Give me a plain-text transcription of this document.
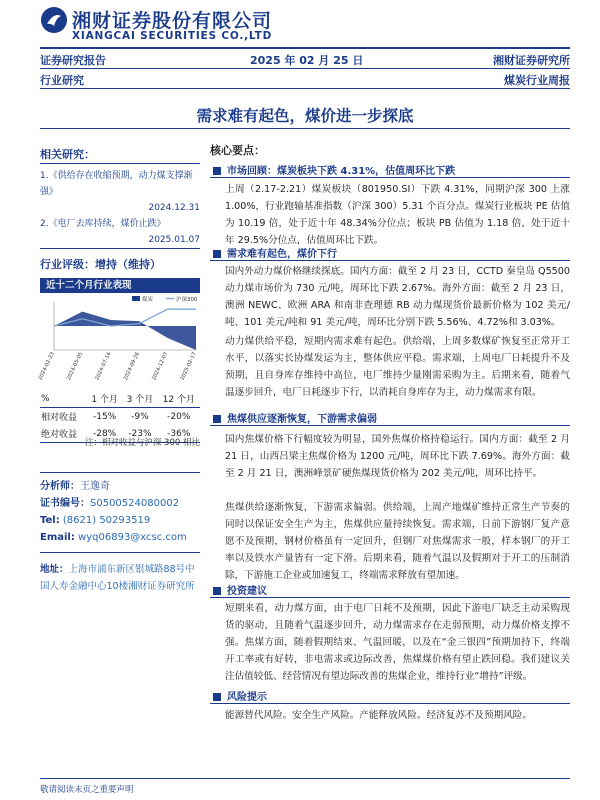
湘财证券股份有限公司
XIANGCAI SECURITIES CO.,LTD
证券研究报告	2025 年 02 月 25 日	湘财证券研究所
行业研究	煤炭行业周报
需求难有起色，煤价进一步探底
相关研究：
1.《供给存在收缩预期，动力煤支撑渐强》
2024.12.31
2.《电厂去库持续，煤价止跌》
2025.01.07
行业评级：增持（维持）
近十二个月行业表现
煤炭	沪深300
2024-02-23 2024-05-05 2024-07-16 2024-09-26 2024-12-07 2025-02-17
%	1 个月	3 个月	12 个月
相对收益	-15%	-9%	-20%
绝对收益	-28%	-23%	-36%
注：相对收益与沪深 300 相比
分析师：王逸奇
证书编号：S0500524080002
Tel: (8621) 50293519
Email: wyq06893@xcsc.com
地址：上海市浦东新区银城路88号中国人寿金融中心10楼湘财证券研究所
核心要点：
市场回顾：煤炭板块下跌 4.31%，估值周环比下跌
上周（2.17-2.21）煤炭板块（801950.SI）下跌 4.31%，同期沪深 300 上涨 1.00%，行业跑输基准指数（沪深 300）5.31 个百分点。煤炭行业板块 PE 估值为 10.19 倍，处于近十年 48.34%分位点；板块 PB 估值为 1.18 倍，处于近十年 29.5%分位点，估值周环比下跌。
需求难有起色，煤价下行
国内外动力煤价格继续探底。国内方面：截至 2 月 23 日，CCTD 秦皇岛 Q5500 动力煤市场价为 730 元/吨，周环比下跌 2.67%。海外方面：截至 2 月 23 日，澳洲 NEWC、欧洲 ARA 和南非查理德 RB 动力煤现货价最新价格为 102 美元/吨、101 美元/吨和 91 美元/吨，周环比分别下跌 5.56%、4.72%和 3.03%。
动力煤供给平稳，短期内需求难有起色。供给端，上周多数煤矿恢复至正常开工水平，以落实长协煤发运为主，整体供应平稳。需求端，上周电厂日耗提升不及预期，且自身库存维持中高位，电厂维持少量刚需采购为主。后期来看，随着气温逐步回升，电厂日耗逐步下行，以消耗自身库存为主，动力煤需求有限。
焦煤供应逐渐恢复，下游需求偏弱
国内焦煤价格下行幅度较为明显，国外焦煤价格持稳运行。国内方面：截至 2 月 21 日，山西吕梁主焦煤价格为 1200 元/吨，周环比下跌 7.69%。海外方面：截至 2 月 21 日，澳洲峰景矿硬焦煤现货价格为 202 美元/吨，周环比持平。
焦煤供给逐渐恢复，下游需求偏弱。供给端，上周产地煤矿维持正常生产节奏的同时以保证安全生产为主，焦煤供应量持续恢复。需求端，日前下游钢厂复产意愿不及预期，钢材价格虽有一定回升，但钢厂对焦煤需求一般，样本钢厂的开工率以及铁水产量皆有一定下滑。后期来看，随着气温以及假期对于开工的压制消除，下游施工企业或加速复工，终端需求释放有望加速。
投资建议
短期来看，动力煤方面，由于电厂日耗不及预期，因此下游电厂缺乏主动采购现货的驱动，且随着气温逐步回升，动力煤需求存在走弱预期，动力煤价格支撑不强。焦煤方面，随着假期结束、气温回暖，以及在“金三银四”预期加持下，终端开工率或有好转，非电需求或边际改善，焦煤煤价格有望止跌回稳。我们建议关注估值较低、经营情况有望边际改善的焦煤企业，维持行业“增持”评级。
风险提示
能源替代风险。安全生产风险。产能释放风险。经济复苏不及预期风险。
敬请阅读末页之重要声明
